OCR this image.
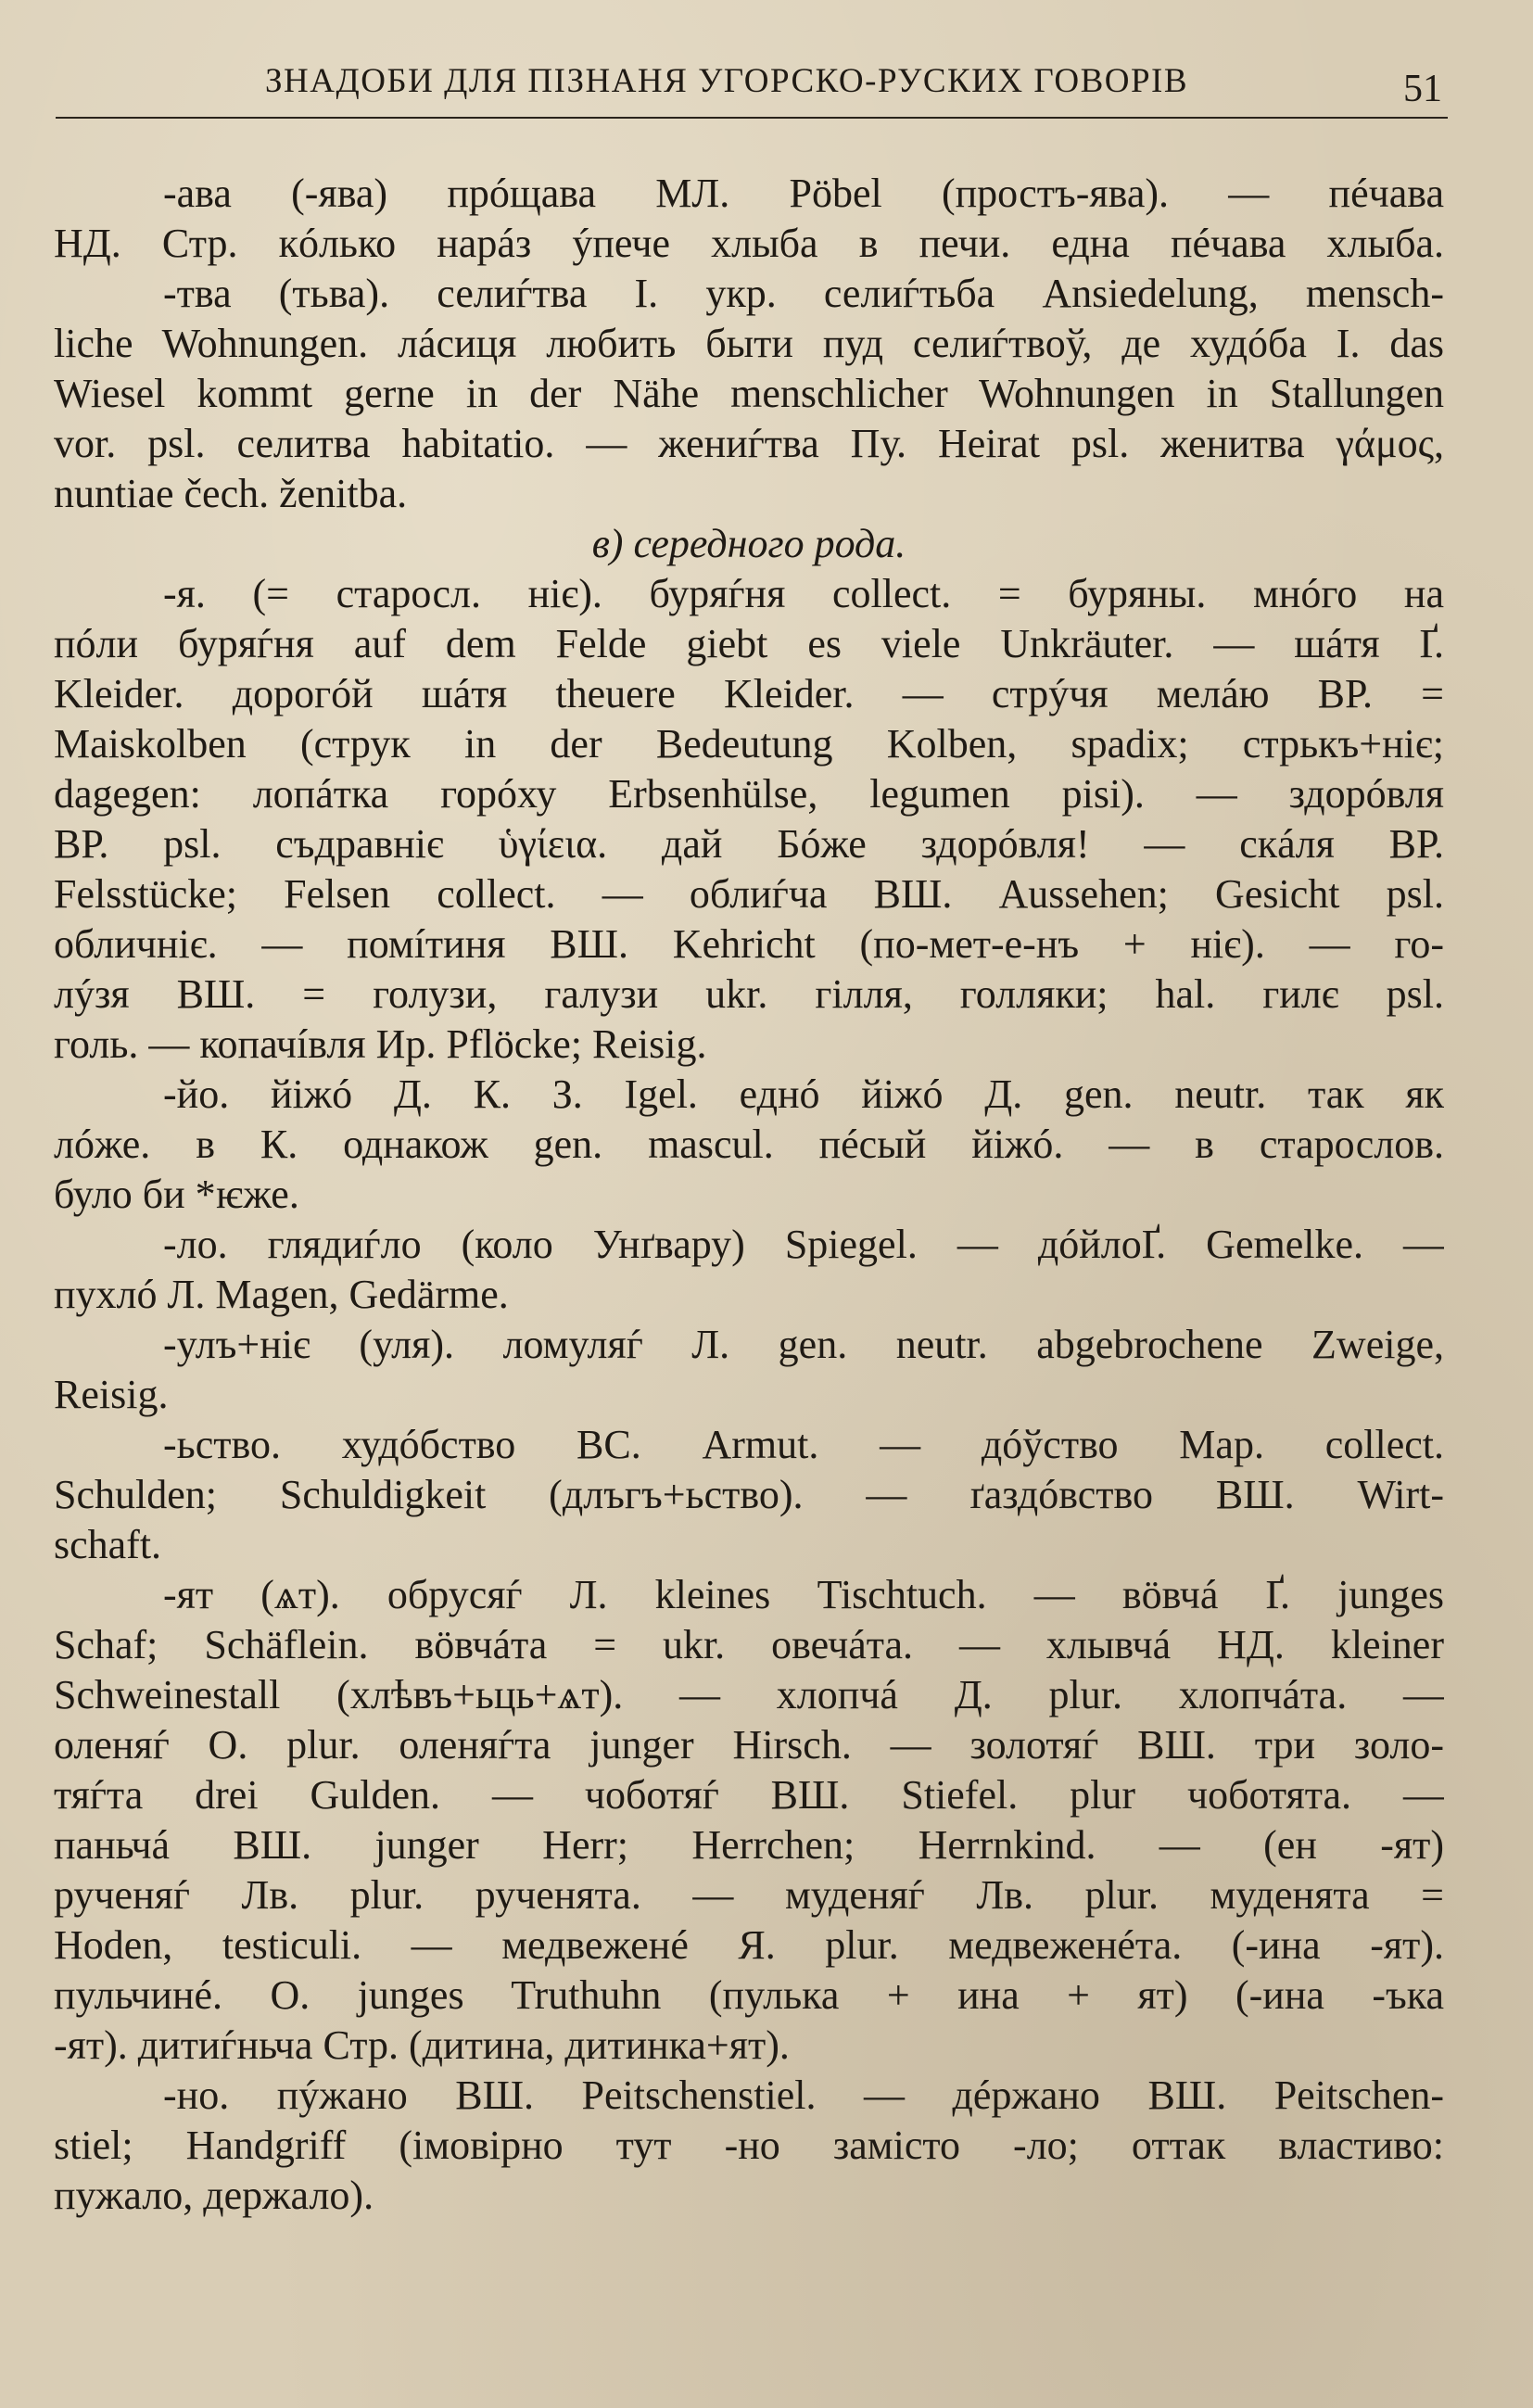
ЗНАДОБИ ДЛЯ ПІЗНАНЯ УГОРСКО-РУСКИХ ГОВОРІВ	51
-ава (-ява) прóщава МЛ. Pöbel (простъ-ява). — пéчава
НД. Стр. кóлько нарáз ýпече хлыбa в печи. една пéчава хлыбa.
-тва (тьва). селиѓтва І. укр. селиѓтьба Ansiedelung, mensch-
liche Wohnungen. лáсиця любить быти пуд селиѓтвоў, де худóба I. das
Wiesel kommt gerne in der Nähe menschlicher Wohnungen in Stallungen
vor. psl. селитва habitatio. — жениѓтва Пу. Heirat psl. женитва γάμος,
nuntiae čech. ženitba.
в) середного рода.
-я. (= старосл. ніє). буряѓня collect. = буряны. мнóго на
пóли буряѓня auf dem Felde giebt es viele Unkräuter. — шáтя Ґ.
Kleider. дорогóй шáтя theuere Kleider. — стрýчя мелáю ВР. =
Maiskolben (струк in der Bedeutung Kolben, spadix; стрькъ+ніє;
dagegen: лопáтка горóху Erbsenhülse, legumen pisi). — здорóвля
ВР. psl. съдравніє ὑγίεια. дай Бóже здорóвля! — скáля ВР.
Felsstücke; Felsen collect. — облиѓча ВШ. Aussehen; Gesicht psl.
обличніє. — помíтиня ВШ. Kehricht (по-мет-е-нъ + ніє). — го-
лýзя ВШ. = голузи, галузи ukr. гілля, голляки; hal. гилє psl.
голь. — копачíвля Ир. Pflöcke; Reisig.
-йо. йіжó Д. К. З. Igel. еднó йіжó Д. gen. neutr. так як
лóже. в К. однакож gen. mascul. пéсый йіжó. — в старослов.
було би *ѥже.
-ло. глядиѓло (коло Унґвару) Spiegel. — дóйлоҐ. Gemelke. —
пухлó Л. Magen, Gedärme.
-улъ+ніє (уля). ломуляѓ Л. gen. neutr. abgebrochene Zweige,
Reisig.
-ьство. худóбство ВС. Armut. — дóўство Мар. collect.
Schulden; Schuldigkeit (длъгъ+ьство). — ґаздóвство ВШ. Wirt-
schaft.
-ят (ѧт). обрусяѓ Л. kleines Tischtuch. — вöвчá Ґ. junges
Schaf; Schäflein. вöвчáта = ukr. овечáта. — хлывчá НД. kleiner
Schweinestall (хлѣвъ+ьць+ѧт). — хлопчá Д. plur. хлопчáта. —
оленяѓ О. plur. оленяѓта junger Hirsch. — золотяѓ ВШ. три золо-
тяѓта drei Gulden. — чоботяѓ ВШ. Stiefel. plur чоботята. —
паньчá ВШ. junger Herr; Herrchen; Herrnkind. — (ен -ят)
рученяѓ Лв. plur. рученята. — муденяѓ Лв. plur. муденята =
Hoden, testiculi. — медвеженé Я. plur. медвеженéта. (-ина -ят).
пульчинé. О. junges Truthuhn (пулька + ина + ят) (-ина -ъка
-ят). дитиѓньча Стр. (дитина, дитинка+ят).
-но. пýжано ВШ. Peitschenstiel. — дéржано ВШ. Peitschen-
stiel; Handgriff (імовірно тут -но замісто -ло; оттак властиво:
пужало, держало).
